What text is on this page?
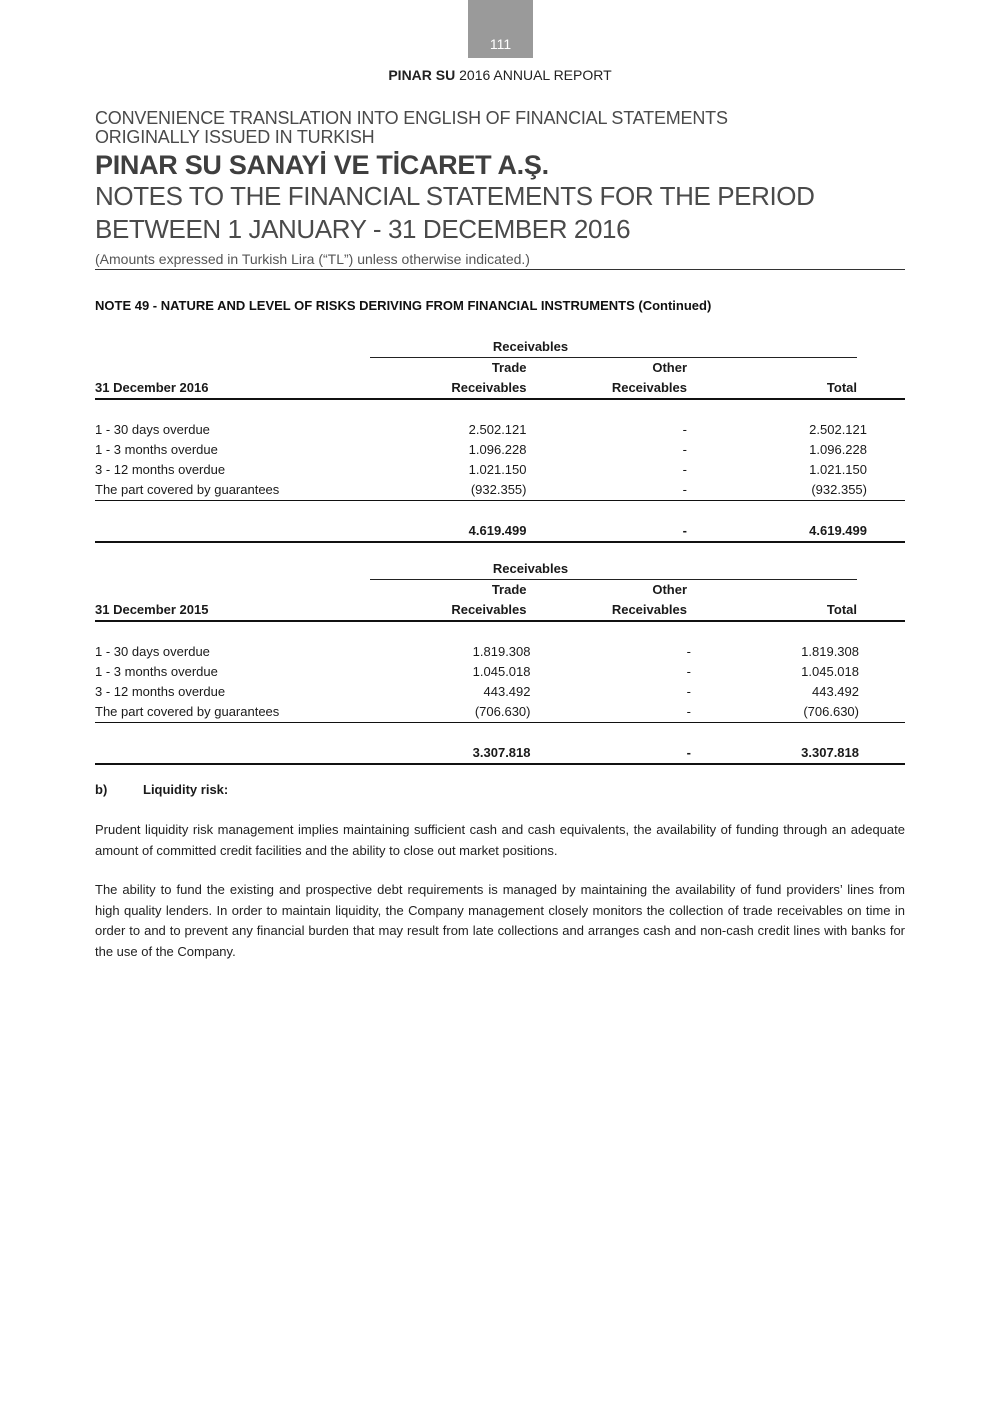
111
PINAR SU 2016 ANNUAL REPORT
CONVENIENCE TRANSLATION INTO ENGLISH OF FINANCIAL STATEMENTS
ORIGINALLY ISSUED IN TURKISH
PINAR SU SANAYİ VE TİCARET A.Ş.
NOTES TO THE FINANCIAL STATEMENTS FOR THE PERIOD
BETWEEN 1 JANUARY - 31 DECEMBER 2016
(Amounts expressed in Turkish Lira (“TL”) unless otherwise indicated.)
NOTE 49 - NATURE AND LEVEL OF RISKS DERIVING FROM FINANCIAL INSTRUMENTS (Continued)
	Receivables		

	Trade	Other	
31 December 2016	Receivables	Receivables	Total

1 - 30 days overdue	2.502.121	-	2.502.121
1 - 3 months overdue	1.096.228	-	1.096.228
3 - 12 months overdue	1.021.150	-	1.021.150
The part covered by guarantees	(932.355)	-	(932.355)

	4.619.499	-	4.619.499
	Receivables		

	Trade	Other	
31 December 2015	Receivables	Receivables	Total

1 - 30 days overdue	1.819.308	-	1.819.308
1 - 3 months overdue	1.045.018	-	1.045.018
3 - 12 months overdue	443.492	-	443.492
The part covered by guarantees	(706.630)	-	(706.630)

	3.307.818	-	3.307.818
b)	Liquidity risk:
Prudent liquidity risk management implies maintaining sufficient cash and cash equivalents, the availability of funding through an adequate amount of committed credit facilities and the ability to close out market positions.
The ability to fund the existing and prospective debt requirements is managed by maintaining the availability of fund providers’ lines from high quality lenders. In order to maintain liquidity, the Company management closely monitors the collection of trade receivables on time in order to and to prevent any financial burden that may result from late collections and arranges cash and non-cash credit lines with banks for the use of the Company.
